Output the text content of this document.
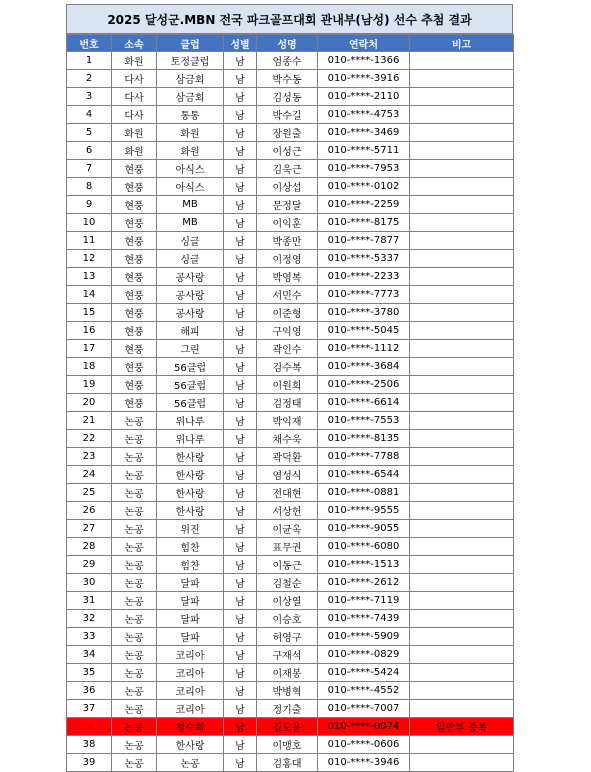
2025 달성군.MBN 전국 파크골프대회 관내부(남성) 선수 추첨 결과
번호	소속	클럽	성별	성명	연락처	비고
1	화원	토정클럽	남	엄종수	010-****-1366	
2	다사	삼금회	남	박수동	010-****-3916	
3	다사	삼금회	남	김성동	010-****-2110	
4	다사	통통	남	박수길	010-****-4753	
5	화원	화원	남	장원출	010-****-3469	
6	화원	화원	남	이성근	010-****-5711	
7	현풍	아식스	남	김욱근	010-****-7953	
8	현풍	아식스	남	이상섭	010-****-0102	
9	현풍	MB	남	문정달	010-****-2259	
10	현풍	MB	남	이익훈	010-****-8175	
11	현풍	싱글	남	박종만	010-****-7877	
12	현풍	싱글	남	이정영	010-****-5337	
13	현풍	공사랑	남	박영복	010-****-2233	
14	현풍	공사랑	남	서민수	010-****-7773	
15	현풍	공사랑	남	이준형	010-****-3780	
16	현풍	해피	남	구익영	010-****-5045	
17	현풍	그린	남	곽인수	010-****-1112	
18	현풍	56클럽	남	김수복	010-****-3684	
19	현풍	56클럽	남	이원희	010-****-2506	
20	현풍	56클럽	남	김정태	010-****-6614	
21	논공	위나루	남	박익재	010-****-7553	
22	논공	위나루	남	채수욱	010-****-8135	
23	논공	한사랑	남	곽덕환	010-****-7788	
24	논공	한사랑	남	염성식	010-****-6544	
25	논공	한사랑	남	전대현	010-****-0881	
26	논공	한사랑	남	서상헌	010-****-9555	
27	논공	위진	남	이균옥	010-****-9055	
28	논공	힘찬	남	표무권	010-****-6080	
29	논공	힘찬	남	이동근	010-****-1513	
30	논공	달파	남	김철순	010-****-2612	
31	논공	달파	남	이상열	010-****-7119	
32	논공	달파	남	이승호	010-****-7439	
33	논공	달파	남	허영구	010-****-5909	
34	논공	코리아	남	구재석	010-****-0829	
35	논공	코리아	남	이재봉	010-****-5424	
36	논공	코리아	남	박병혁	010-****-4552	
37	논공	코리아	남	정기출	010-****-7007	
-	논공	청수회	남	김도윤	010-****-0074	일반부 중복
38	논공	한사랑	남	이맹호	010-****-0606	
39	논공	논공	남	김홍대	010-****-3946	
